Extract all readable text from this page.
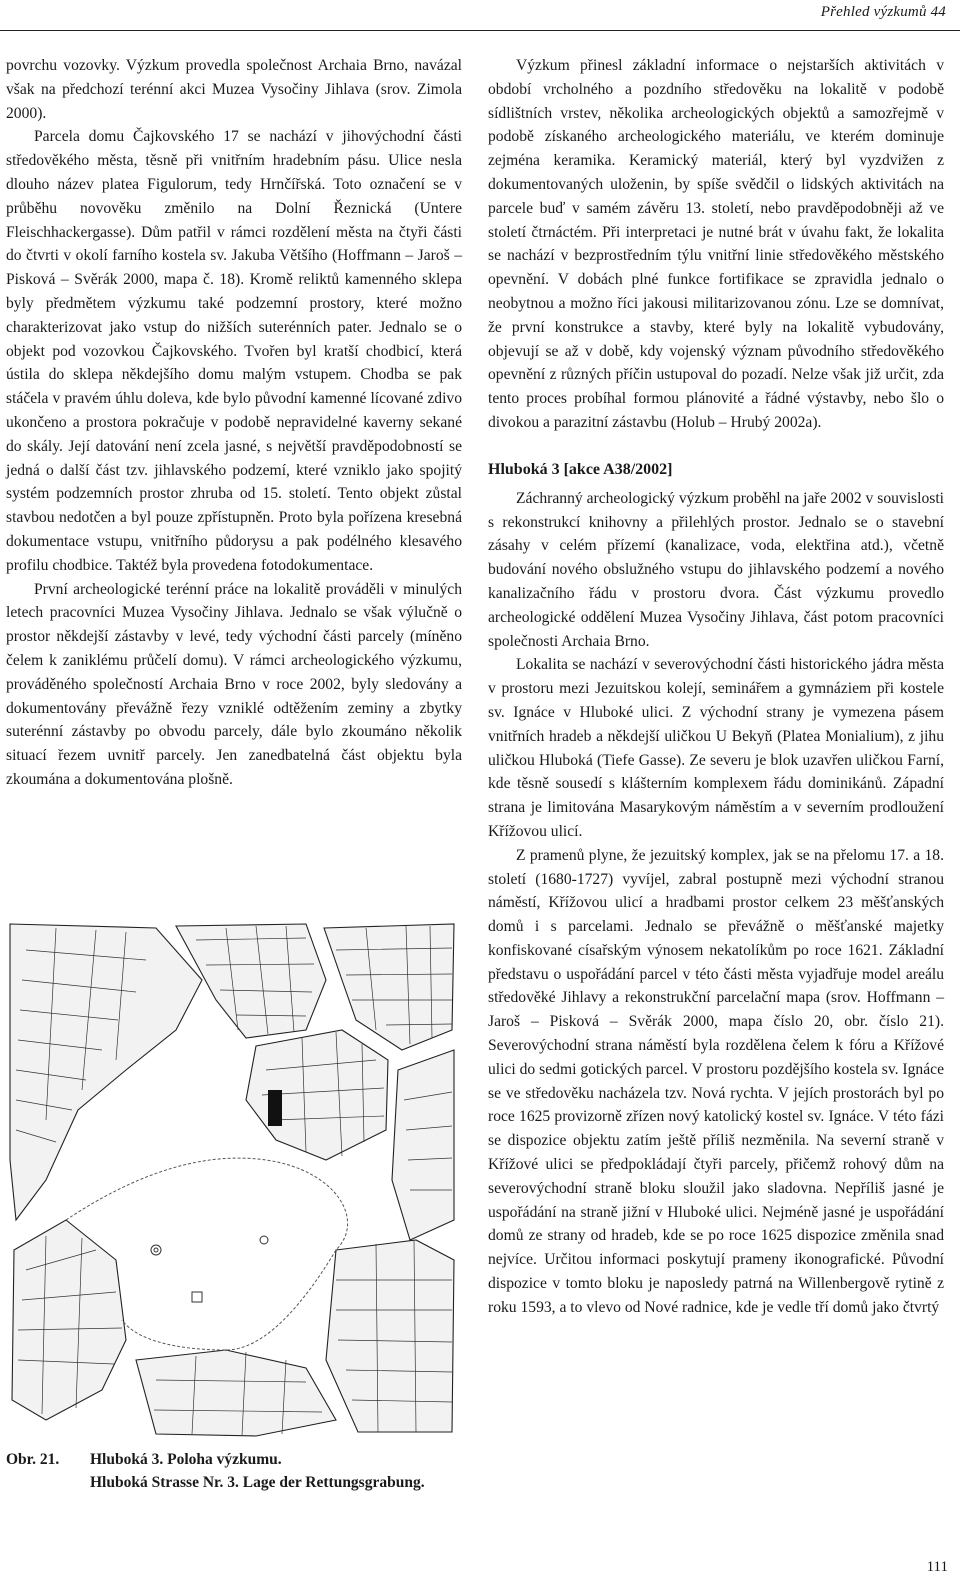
Přehled výzkumů 44

povrchu vozovky. Výzkum provedla společnost Archaia Brno, navázal však na předchozí terénní akci Muzea Vysočiny Jihlava (srov. Zimola 2000).

Parcela domu Čajkovského 17 se nachází v jihovýchodní části středověkého města, těsně při vnitřním hradebním pásu. Ulice nesla dlouho název platea Figulorum, tedy Hrnčířská. Toto označení se v průběhu novověku změnilo na Dolní Řeznická (Untere Fleischhackergasse). Dům patřil v rámci rozdělení města na čtyři části do čtvrti v okolí farního kostela sv. Jakuba Většího (Hoffmann – Jaroš – Pisková – Svěrák 2000, mapa č. 18). Kromě reliktů kamenného sklepa byly předmětem výzkumu také podzemní prostory, které možno charakterizovat jako vstup do nižších suterénních pater. Jednalo se o objekt pod vozovkou Čajkovského. Tvořen byl kratší chodbicí, která ústila do sklepa někdejšího domu malým vstupem. Chodba se pak stáčela v pravém úhlu doleva, kde bylo původní kamenné lícované zdivo ukončeno a prostora pokračuje v podobě nepravidelné kaverny sekané do skály. Její datování není zcela jasné, s největší pravděpodobností se jedná o další část tzv. jihlavského podzemí, které vzniklo jako spojitý systém podzemních prostor zhruba od 15. století. Tento objekt zůstal stavbou nedotčen a byl pouze zpřístupněn. Proto byla pořízena kresebná dokumentace vstupu, vnitřního půdorysu a pak podélného klesavého profilu chodbice. Taktéž byla provedena fotodokumentace.

První archeologické terénní práce na lokalitě prováděli v minulých letech pracovníci Muzea Vysočiny Jihlava. Jednalo se však výlučně o prostor někdejší zástavby v levé, tedy východní části parcely (míněno čelem k zaniklému průčelí domu). V rámci archeologického výzkumu, prováděného společností Archaia Brno v roce 2002, byly sledovány a dokumentovány převážně řezy vzniklé odtěžením zeminy a zbytky suterénní zástavby po obvodu parcely, dále bylo zkoumáno několik situací řezem uvnitř parcely. Jen zanedbatelná část objektu byla zkoumána a dokumentována plošně.

Obr. 21. Hluboká 3. Poloha výzkumu.
Hluboká Strasse Nr. 3. Lage der Rettungsgrabung.

Výzkum přinesl základní informace o nejstarších aktivitách v období vrcholného a pozdního středověku na lokalitě v podobě sídlištních vrstev, několika archeologických objektů a samozřejmě v podobě získaného archeologického materiálu, ve kterém dominuje zejména keramika. Keramický materiál, který byl vyzdvižen z dokumentovaných uloženin, by spíše svědčil o lidských aktivitách na parcele buď v samém závěru 13. století, nebo pravděpodobněji až ve století čtrnáctém. Při interpretaci je nutné brát v úvahu fakt, že lokalita se nachází v bezprostředním týlu vnitřní linie středověkého městského opevnění. V dobách plné funkce fortifikace se zpravidla jednalo o neobytnou a možno říci jakousi militarizovanou zónu. Lze se domnívat, že první konstrukce a stavby, které byly na lokalitě vybudovány, objevují se až v době, kdy vojenský význam původního středověkého opevnění z různých příčin ustupoval do pozadí. Nelze však již určit, zda tento proces probíhal formou plánovité a řádné výstavby, nebo šlo o divokou a parazitní zástavbu (Holub – Hrubý 2002a).

Hluboká 3 [akce A38/2002]

Záchranný archeologický výzkum proběhl na jaře 2002 v souvislosti s rekonstrukcí knihovny a přilehlých prostor. Jednalo se o stavební zásahy v celém přízemí (kanalizace, voda, elektřina atd.), včetně budování nového obslužného vstupu do jihlavského podzemí a nového kanalizačního řádu v prostoru dvora. Část výzkumu provedlo archeologické oddělení Muzea Vysočiny Jihlava, část potom pracovníci společnosti Archaia Brno.

Lokalita se nachází v severovýchodní části historického jádra města v prostoru mezi Jezuitskou kolejí, seminářem a gymnáziem při kostele sv. Ignáce v Hluboké ulici. Z východní strany je vymezena pásem vnitřních hradeb a někdejší uličkou U Bekyň (Platea Monialium), z jihu uličkou Hluboká (Tiefe Gasse). Ze severu je blok uzavřen uličkou Farní, kde těsně sousedí s klášterním komplexem řádu dominikánů. Západní strana je limitována Masarykovým náměstím a v severním prodloužení Křížovou ulicí.

Z pramenů plyne, že jezuitský komplex, jak se na přelomu 17. a 18. století (1680-1727) vyvíjel, zabral postupně mezi východní stranou náměstí, Křížovou ulicí a hradbami prostor celkem 23 měšťanských domů i s parcelami. Jednalo se převážně o měšťanské majetky konfiskované císařským výnosem nekatolíkům po roce 1621. Základní představu o uspořádání parcel v této části města vyjadřuje model areálu středověké Jihlavy a rekonstrukční parcelační mapa (srov. Hoffmann – Jaroš – Pisková – Svěrák 2000, mapa číslo 20, obr. číslo 21). Severovýchodní strana náměstí byla rozdělena čelem k fóru a Křížové ulici do sedmi gotických parcel. V prostoru pozdějšího kostela sv. Ignáce se ve středověku nacházela tzv. Nová rychta. V jejích prostorách byl po roce 1625 provizorně zřízen nový katolický kostel sv. Ignáce. V této fázi se dispozice objektu zatím ještě příliš nezměnila. Na severní straně v Křížové ulici se předpokládají čtyři parcely, přičemž rohový dům na severovýchodní straně bloku sloužil jako sladovna. Nepříliš jasné je uspořádání na straně jižní v Hluboké ulici. Nejméně jasné je uspořádání domů ze strany od hradeb, kde se po roce 1625 dispozice změnila snad nejvíce. Určitou informaci poskytují prameny ikonografické. Původní dispozice v tomto bloku je naposledy patrná na Willenbergově rytině z roku 1593, a to vlevo od Nové radnice, kde je vedle tří domů jako čtvrtý

111
